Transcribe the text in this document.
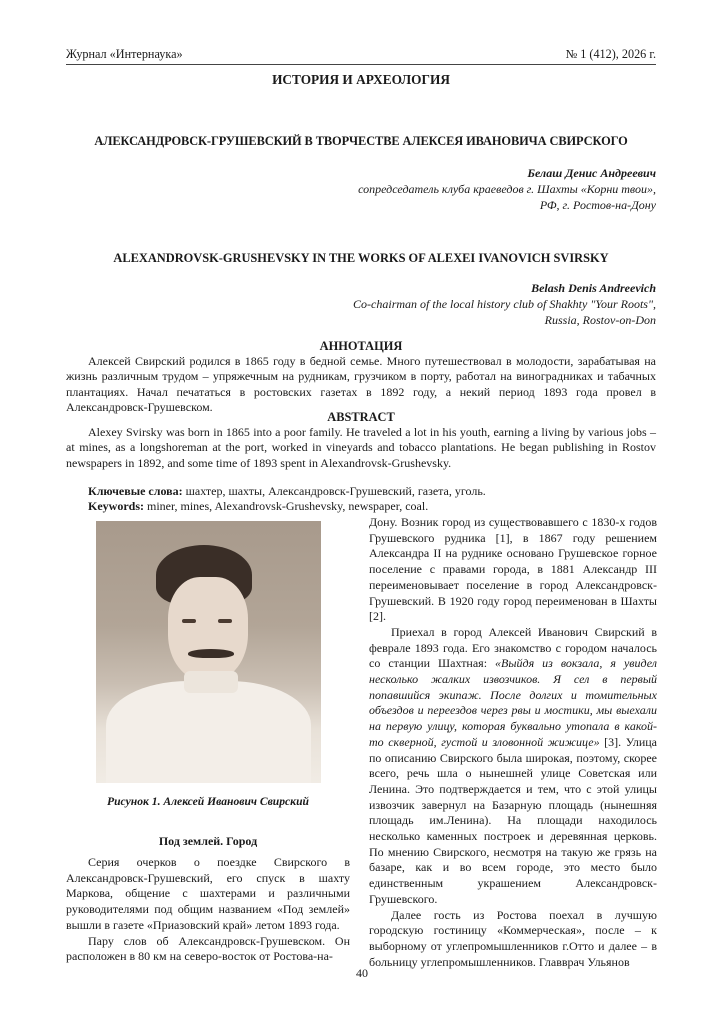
Журнал «Интернаука»	№ 1 (412), 2026 г.
ИСТОРИЯ И АРХЕОЛОГИЯ
АЛЕКСАНДРОВСК-ГРУШЕВСКИЙ В ТВОРЧЕСТВЕ АЛЕКСЕЯ ИВАНОВИЧА СВИРСКОГО
Белаш Денис Андреевич
сопредседатель клуба краеведов г. Шахты «Корни твои»,
РФ, г. Ростов-на-Дону
ALEXANDROVSK-GRUSHEVSKY IN THE WORKS OF ALEXEI IVANOVICH SVIRSKY
Belash Denis Andreevich
Co-chairman of the local history club of Shakhty "Your Roots",
Russia, Rostov-on-Don
АННОТАЦИЯ
Алексей Свирский родился в 1865 году в бедной семье. Много путешествовал в молодости, зарабатывая на жизнь различным трудом – упряжечным на рудникам, грузчиком в порту, работал на виноградниках и табачных плантациях. Начал печататься в ростовских газетах в 1892 году, а некий период 1893 года провел в Александровск-Грушевском.
ABSTRACT
Alexey Svirsky was born in 1865 into a poor family. He traveled a lot in his youth, earning a living by various jobs – at mines, as a longshoreman at the port, worked in vineyards and tobacco plantations. He began publishing in Rostov newspapers in 1892, and some time of 1893 spent in Alexandrovsk-Grushevsky.

Ключевые слова: шахтер, шахты, Александровск-Грушевский, газета, уголь.

Keywords: miner, mines, Alexandrovsk-Grushevsky, newspaper, coal.

Рисунок 1. Алексей Иванович Свирский
Под землей. Город

Серия очерков о поездке Свирского в Александровск-Грушевский, его спуск в шахту Маркова, общение с шахтерами и различными руководителями под общим названием «Под землей» вышли в газете «Приазовский край» летом 1893 года.

Пару слов об Александровск-Грушевском. Он расположен в 80 км на северо-восток от Ростова-на-

Дону. Возник город из существовавшего с 1830-х годов Грушевского рудника [1], в 1867 году решением Александра II на руднике основано Грушевское горное поселение с правами города, в 1881 Александр III переименовывает поселение в город Александровск-Грушевский. В 1920 году город переименован в Шахты [2].

Приехал в город Алексей Иванович Свирский в феврале 1893 года. Его знакомство с городом началось со станции Шахтная: «Выйдя из вокзала, я увидел несколько жалких извозчиков. Я сел в первый попавшийся экипаж. После долгих и томительных объездов и переездов через рвы и мостики, мы выехали на первую улицу, которая буквально утопала в какой-то скверной, густой и зловонной жижице» [3]. Улица по описанию Свирского была широкая, поэтому, скорее всего, речь шла о нынешней улице Советская или Ленина. Это подтверждается и тем, что с этой улицы извозчик завернул на Базарную площадь (нынешняя площадь им.Ленина). На площади находилось несколько каменных построек и деревянная церковь. По мнению Свирского, несмотря на такую же грязь на базаре, как и во всем городе, это место было единственным украшением Александровск-Грушевского.

Далее гость из Ростова поехал в лучшую городскую гостиницу «Коммерческая», после – к выборному от углепромышленников г.Отто и далее – в больницу углепромышленников. Главврач Ульянов

40
